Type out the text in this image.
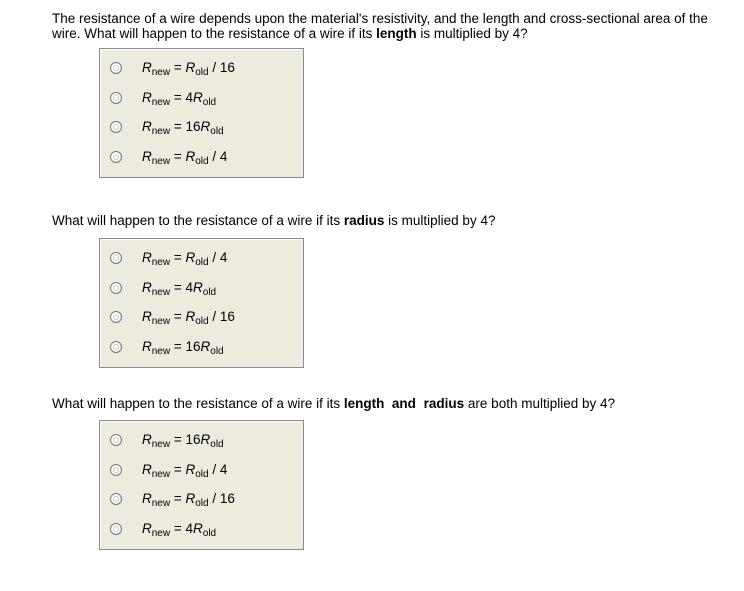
The resistance of a wire depends upon the material's resistivity, and the length and cross-sectional area of the wire. What will happen to the resistance of a wire if its length is multiplied by 4?
$R_{new} = R_{old} / 16$
$R_{new} = 4R_{old}$
$R_{new} = 16R_{old}$
$R_{new} = R_{old} / 4$
What will happen to the resistance of a wire if its radius is multiplied by 4?
$R_{new} = R_{old} / 4$
$R_{new} = 4R_{old}$
$R_{new} = R_{old} / 16$
$R_{new} = 16R_{old}$
What will happen to the resistance of a wire if its length  and radius are both multiplied by 4?
$R_{new} = 16R_{old}$
$R_{new} = R_{old} / 4$
$R_{new} = R_{old} / 16$
$R_{new} = 4R_{old}$
